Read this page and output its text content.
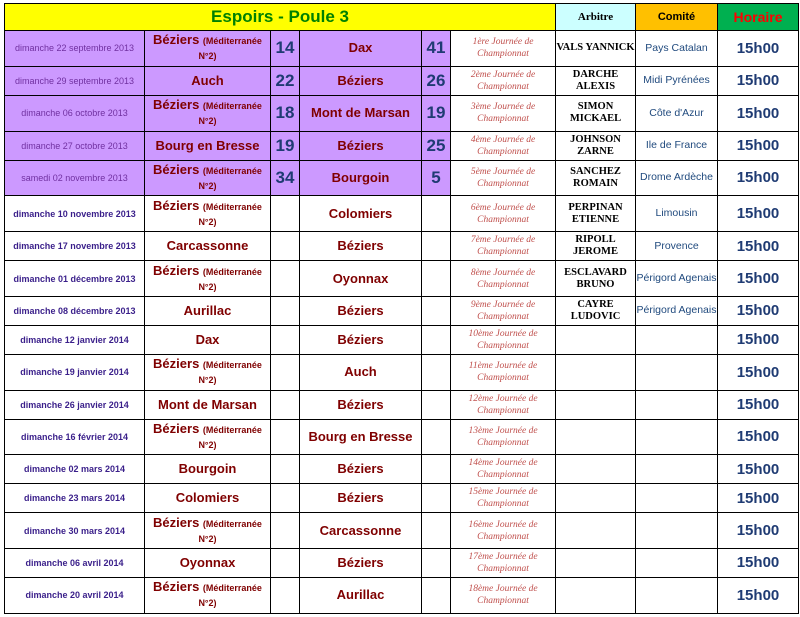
Espoirs - Poule 3						Arbitre	Comité	Horaire
dimanche 22 septembre 2013	Béziers (Méditerranée N°2)	14	Dax	41	1ère Journée de Championnat	VALS YANNICK	Pays Catalan	15h00
dimanche 29 septembre 2013	Auch	22	Béziers	26	2ème Journée de Championnat	DARCHE ALEXIS	Midi Pyrénées	15h00
dimanche 06 octobre 2013	Béziers (Méditerranée N°2)	18	Mont de Marsan	19	3ème Journée de Championnat	SIMON MICKAEL	Côte d'Azur	15h00
dimanche 27 octobre 2013	Bourg en Bresse	19	Béziers	25	4ème Journée de Championnat	JOHNSON ZARNE	Ile de France	15h00
samedi 02 novembre 2013	Béziers (Méditerranée N°2)	34	Bourgoin	5	5ème Journée de Championnat	SANCHEZ ROMAIN	Drome Ardèche	15h00
dimanche 10 novembre 2013	Béziers (Méditerranée N°2)		Colomiers		6ème Journée de Championnat	PERPINAN ETIENNE	Limousin	15h00
dimanche 17 novembre 2013	Carcassonne		Béziers		7ème Journée de Championnat	RIPOLL JEROME	Provence	15h00
dimanche 01 décembre 2013	Béziers (Méditerranée N°2)		Oyonnax		8ème Journée de Championnat	ESCLAVARD BRUNO	Périgord Agenais	15h00
dimanche 08 décembre 2013	Aurillac		Béziers		9ème Journée de Championnat	CAYRE LUDOVIC	Périgord Agenais	15h00
dimanche 12 janvier 2014	Dax		Béziers		10ème Journée de Championnat			15h00
dimanche 19 janvier 2014	Béziers (Méditerranée N°2)		Auch		11ème Journée de Championnat			15h00
dimanche 26 janvier 2014	Mont de Marsan		Béziers		12ème Journée de Championnat			15h00
dimanche 16 février 2014	Béziers (Méditerranée N°2)		Bourg en Bresse		13ème Journée de Championnat			15h00
dimanche 02 mars 2014	Bourgoin		Béziers		14ème Journée de Championnat			15h00
dimanche 23 mars 2014	Colomiers		Béziers		15ème Journée de Championnat			15h00
dimanche 30 mars 2014	Béziers (Méditerranée N°2)		Carcassonne		16ème Journée de Championnat			15h00
dimanche 06 avril 2014	Oyonnax		Béziers		17ème Journée de Championnat			15h00
dimanche 20 avril 2014	Béziers (Méditerranée N°2)		Aurillac		18ème Journée de Championnat			15h00
